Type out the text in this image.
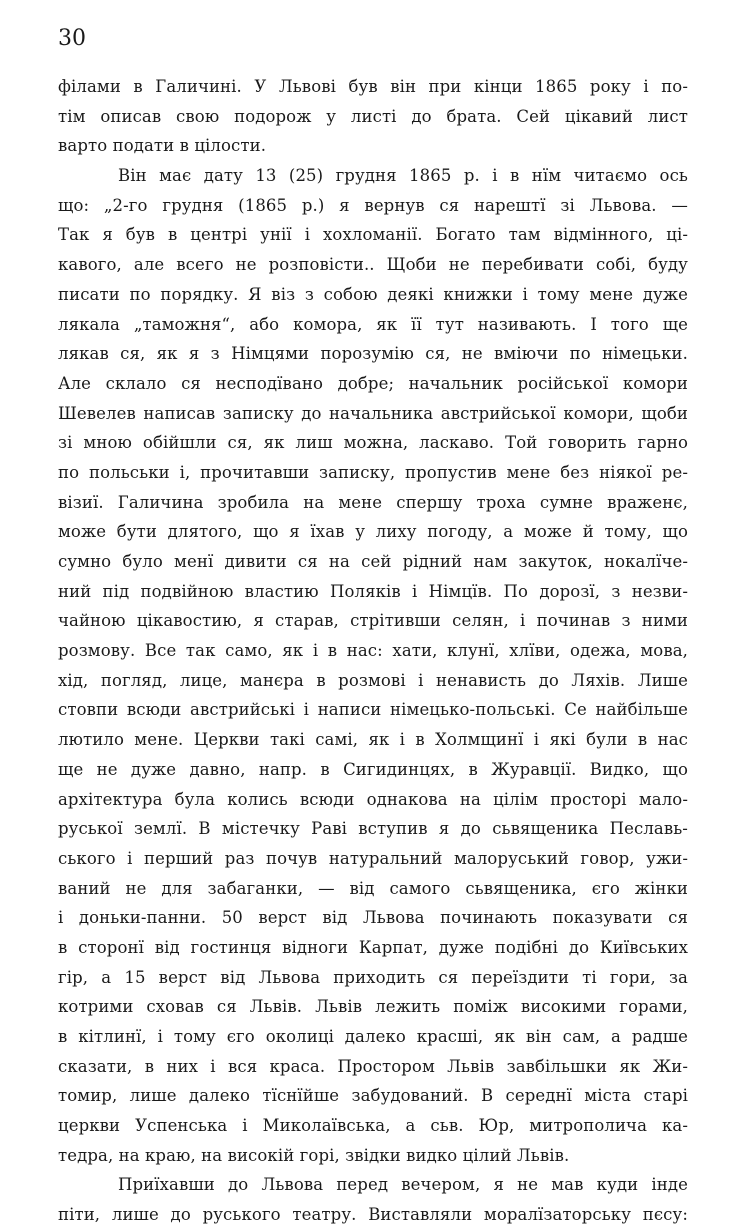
30
філами в Галичині. У Львові був він при кінци 1865 року і по-
тім описав свою подорож у листі до брата. Сей цікавий лист
варто подати в цілости.
Він має дату 13 (25) грудня 1865 р. і в нїм читаємо ось
що: „2-го грудня (1865 р.) я вернув ся нарештї зі Львова. —
Так я був в центрі унії і хохломанії. Богато там відмінного, ці-
кавого, але всего не розповісти.. Щоби не перебивати собі, буду
писати по порядку. Я віз з собою деякі книжки і тому мене дуже
лякала „таможня“, або комора, як її тут називають. І того ще
лякав ся, як я з Німцями порозумію ся, не вміючи по німецьки.
Але склало ся несподївано добре; начальник російської комори
Шевелев написав записку до начальника австрийської комори, щоби
зі мною обійшли ся, як лиш можна, ласкаво. Той говорить гарно
по польськи і, прочитавши записку, пропустив мене без ніякої ре-
візиї. Галичина зробила на мене спершу троха сумне враженє,
може бути длятого, що я їхав у лиху погоду, а може й тому, що
сумно було менї дивити ся на сей рідний нам закуток, нокалїче-
ний під подвійною властию Поляків і Німцїв. По дорозї, з незви-
чайною цікавостию, я старав, стрітивши селян, і починав з ними
розмову. Все так само, як і в нас: хати, клунї, хлїви, одежа, мова,
хід, погляд, лице, манєра в розмові і ненависть до Ляхів. Лише
стовпи всюди австрийські і написи німецько-польські. Се найбільше
лютило мене. Церкви такі самі, як і в Холмщинї і які були в нас
ще не дуже давно, напр. в Сигидинцях, в Журавції. Видко, що
архітектура була колись всюди однакова на цілім просторі мало-
руської землї. В містечку Раві вступив я до сьвященика Пеславь-
ського і перший раз почув натуральний малоруський говор, ужи-
ваний не для забаганки, — від самого сьвященика, єго жінки
і доньки-панни. 50 верст від Львова починають показувати ся
в сторонї від гостинця відноги Карпат, дуже подібні до Київських
гір, а 15 верст від Львова приходить ся переїздити ті гори, за
котрими сховав ся Львів. Львів лежить поміж високими горами,
в кітлинї, і тому єго околиці далеко красші, як він сам, а радше
сказати, в них і вся краса. Простором Львів завбільшки як Жи-
томир, лише далеко тїснїйше забудований. В середнї міста старі
церкви Успенська і Миколаївська, а сьв. Юр, митрополича ка-
тедра, на краю, на високій горі, звідки видко цілий Львів.
Приїхавши до Львова перед вечером, я не мав куди інде
піти, лише до руського театру. Виставляли моралїзаторську пєсу:
